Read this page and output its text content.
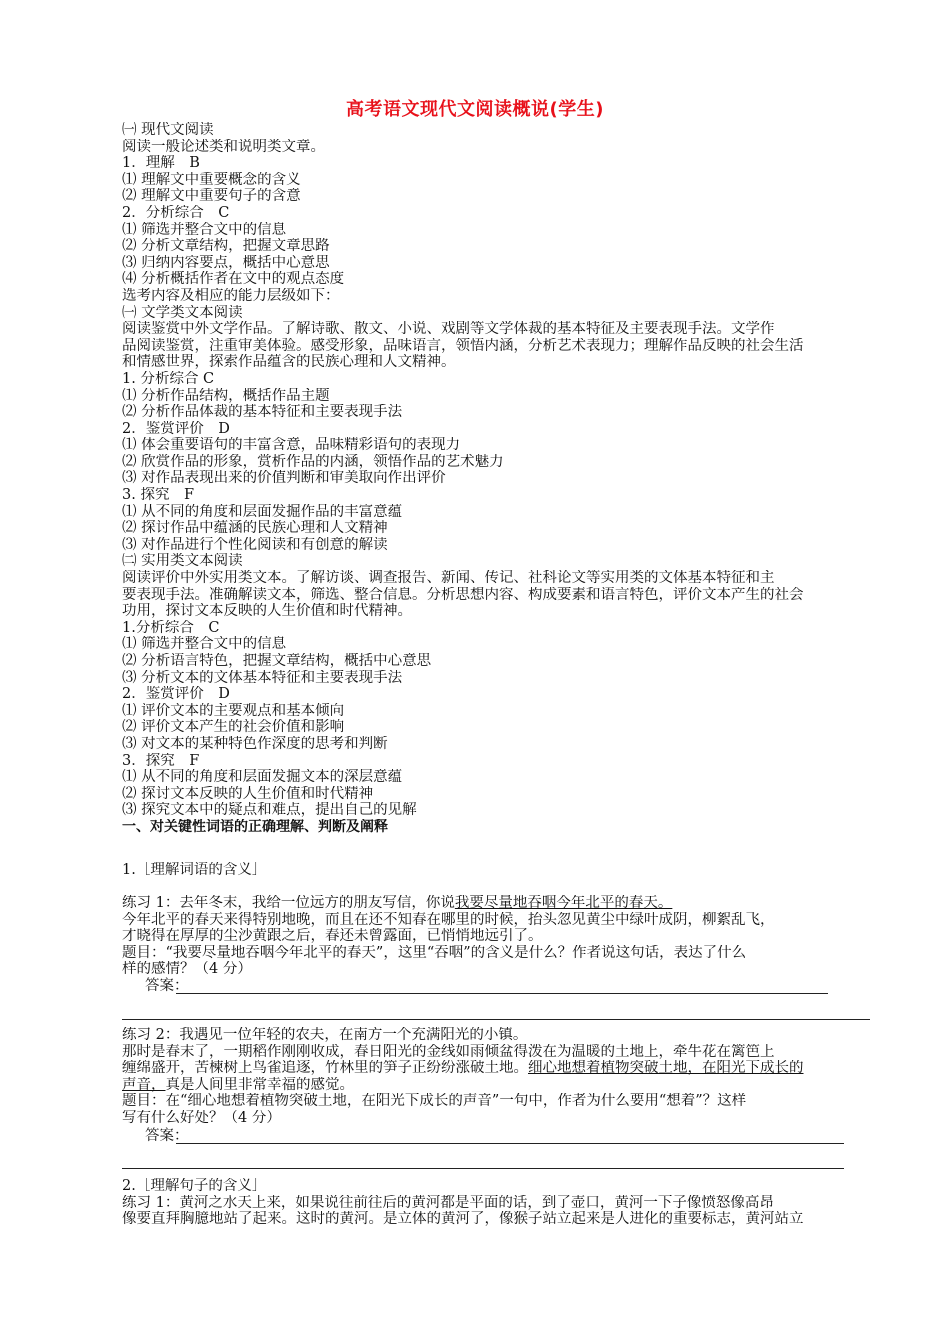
高考语文现代文阅读概说(学生)

㈠ 现代文阅读

阅读一般论述类和说明类文章。

1．理解　B

⑴ 理解文中重要概念的含义

⑵ 理解文中重要句子的含意

2．分析综合　C

⑴ 筛选并整合文中的信息

⑵ 分析文章结构，把握文章思路

⑶ 归纳内容要点，概括中心意思

⑷ 分析概括作者在文中的观点态度

选考内容及相应的能力层级如下：

㈠ 文学类文本阅读

阅读鉴赏中外文学作品。了解诗歌、散文、小说、戏剧等文学体裁的基本特征及主要表现手法。文学作

品阅读鉴赏，注重审美体验。感受形象，品味语言，领悟内涵，分析艺术表现力；理解作品反映的社会生活

和情感世界，探索作品蕴含的民族心理和人文精神。

1. 分析综合 C

⑴ 分析作品结构，概括作品主题

⑵ 分析作品体裁的基本特征和主要表现手法

2．鉴赏评价　D

⑴ 体会重要语句的丰富含意，品味精彩语句的表现力

⑵ 欣赏作品的形象，赏析作品的内涵，领悟作品的艺术魅力

⑶ 对作品表现出来的价值判断和审美取向作出评价

3. 探究　F

⑴ 从不同的角度和层面发掘作品的丰富意蕴

⑵ 探讨作品中蕴涵的民族心理和人文精神

⑶ 对作品进行个性化阅读和有创意的解读

㈡ 实用类文本阅读

阅读评价中外实用类文本。了解访谈、调查报告、新闻、传记、社科论文等实用类的文体基本特征和主

要表现手法。准确解读文本，筛选、整合信息。分析思想内容、构成要素和语言特色，评价文本产生的社会

功用，探讨文本反映的人生价值和时代精神。

1.分析综合　C

⑴ 筛选并整合文中的信息

⑵ 分析语言特色，把握文章结构，概括中心意思

⑶ 分析文本的文体基本特征和主要表现手法

2．鉴赏评价　D

⑴ 评价文本的主要观点和基本倾向

⑵ 评价文本产生的社会价值和影响

⑶ 对文本的某种特色作深度的思考和判断

3．探究　F

⑴ 从不同的角度和层面发掘文本的深层意蕴

⑵ 探讨文本反映的人生价值和时代精神

⑶ 探究文本中的疑点和难点，提出自己的见解

一、对关键性词语的正确理解、判断及阐释

1.［理解词语的含义］

练习 1：去年冬末，我给一位远方的朋友写信，你说我要尽量地吞咽今年北平的春天。

今年北平的春天来得特别地晚，而且在还不知春在哪里的时候，抬头忽见黄尘中绿叶成阴，柳絮乱飞，

才晓得在厚厚的尘沙黄跟之后，春还未曾露面，已悄悄地远引了。

题目：“我要尽量地吞咽今年北平的春天”，这里“吞咽”的含义是什么？作者说这句话，表达了什么

样的感情？（4 分）

答案：

练习 2：我遇见一位年轻的农夫，在南方一个充满阳光的小镇。

那时是春末了，一期稻作刚刚收成，春日阳光的金线如雨倾盆得泼在为温暖的土地上，牵牛花在篱笆上

缠绵盛开，苦楝树上鸟雀追逐，竹林里的笋子正纷纷涨破土地。细心地想着植物突破土地，在阳光下成长的

声音，真是人间里非常幸福的感觉。

题目：在“细心地想着植物突破土地，在阳光下成长的声音”一句中，作者为什么要用“想着”？这样

写有什么好处？（4 分）

答案：

2.［理解句子的含义］

练习 1：黄河之水天上来，如果说往前往后的黄河都是平面的话，到了壶口，黄河一下子像愤怒像高昂

像要直拜胸臆地站了起来。这时的黄河。是立体的黄河了，像猴子站立起来是人进化的重要标志，黄河站立
